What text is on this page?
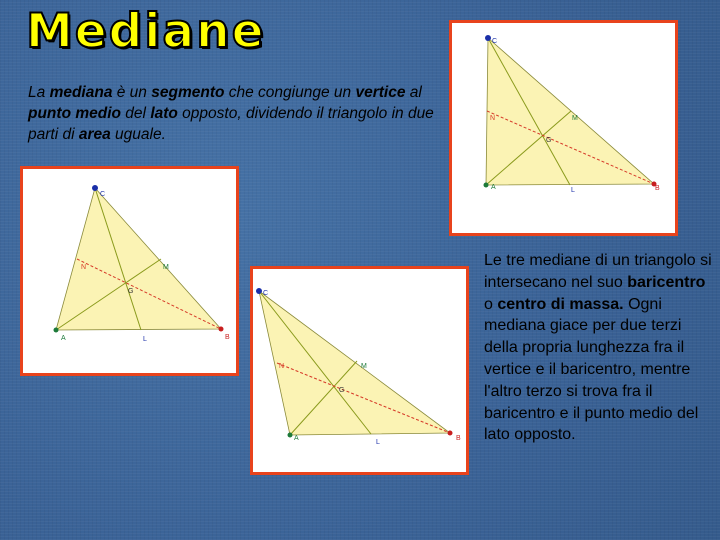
Mediane

La mediana è un segmento che congiunge un vertice al punto medio del lato opposto, dividendo il triangolo in due parti di area uguale.

Le tre mediane di un triangolo si intersecano nel suo baricentro o centro di massa. Ogni mediana giace per due terzi della propria lunghezza fra il vertice e il baricentro, mentre l'altro terzo si trova fra il baricentro e il punto medio del lato opposto.

C
N	M
G
A	L	B
C
N	M
G
A	L	B
C
N	M
G
A
L
B
